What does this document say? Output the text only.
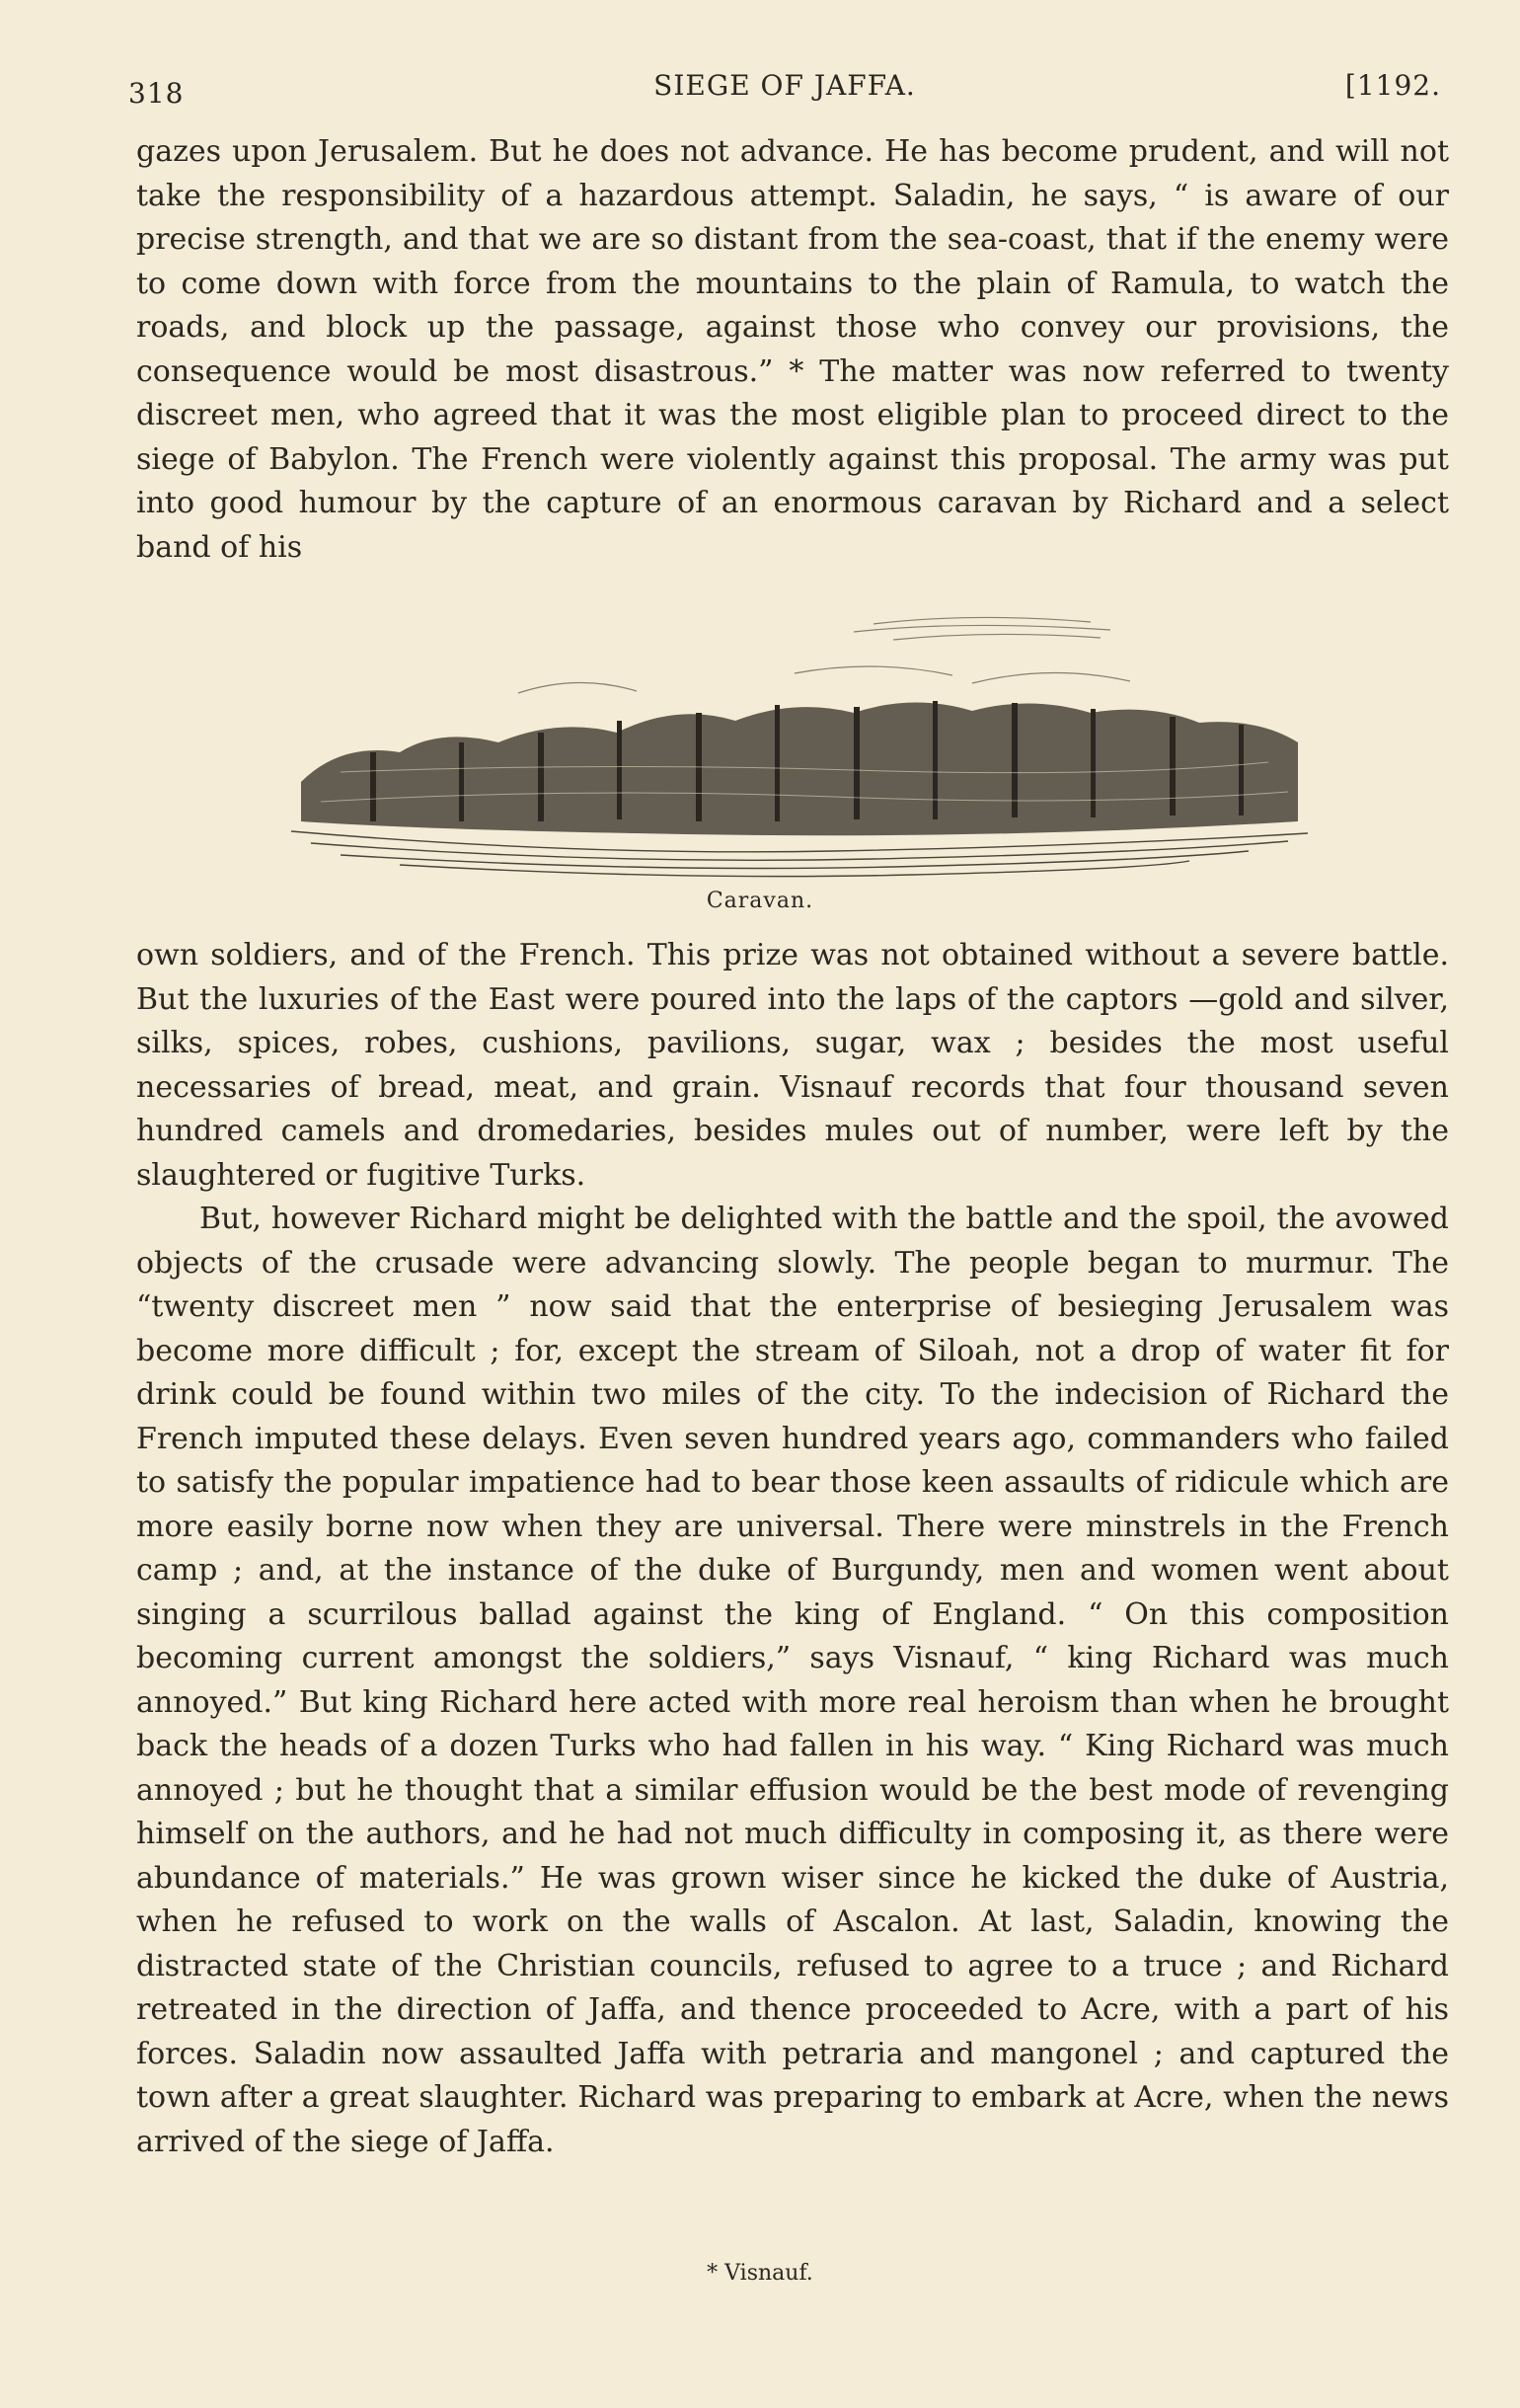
318	SIEGE OF JAFFA.	[1192.

gazes upon Jerusalem. But he does not advance. He has become prudent, and will not take the responsibility of a hazardous attempt. Saladin, he says, “ is aware of our precise strength, and that we are so distant from the sea-coast, that if the enemy were to come down with force from the mountains to the plain of Ramula, to watch the roads, and block up the passage, against those who convey our provisions, the consequence would be most disastrous.” * The matter was now referred to twenty discreet men, who agreed that it was the most eligible plan to proceed direct to the siege of Babylon. The French were violently against this proposal. The army was put into good humour by the capture of an enormous caravan by Richard and a select band of his

Caravan.

own soldiers, and of the French. This prize was not obtained without a severe battle. But the luxuries of the East were poured into the laps of the captors —gold and silver, silks, spices, robes, cushions, pavilions, sugar, wax ; besides the most useful necessaries of bread, meat, and grain. Visnauf records that four thousand seven hundred camels and dromedaries, besides mules out of number, were left by the slaughtered or fugitive Turks.

But, however Richard might be delighted with the battle and the spoil, the avowed objects of the crusade were advancing slowly. The people began to murmur. The “twenty discreet men ” now said that the enterprise of besieging Jerusalem was become more difficult ; for, except the stream of Siloah, not a drop of water fit for drink could be found within two miles of the city. To the indecision of Richard the French imputed these delays. Even seven hundred years ago, commanders who failed to satisfy the popular impatience had to bear those keen assaults of ridicule which are more easily borne now when they are universal. There were minstrels in the French camp ; and, at the instance of the duke of Burgundy, men and women went about singing a scurrilous ballad against the king of England. “ On this composition becoming current amongst the soldiers,” says Visnauf, “ king Richard was much annoyed.” But king Richard here acted with more real heroism than when he brought back the heads of a dozen Turks who had fallen in his way. “ King Richard was much annoyed ; but he thought that a similar effusion would be the best mode of revenging himself on the authors, and he had not much difficulty in composing it, as there were abundance of materials.” He was grown wiser since he kicked the duke of Austria, when he refused to work on the walls of Ascalon. At last, Saladin, knowing the distracted state of the Christian councils, refused to agree to a truce ; and Richard retreated in the direction of Jaffa, and thence proceeded to Acre, with a part of his forces. Saladin now assaulted Jaffa with petraria and mangonel ; and captured the town after a great slaughter. Richard was preparing to embark at Acre, when the news arrived of the siege of Jaffa.

* Visnauf.
